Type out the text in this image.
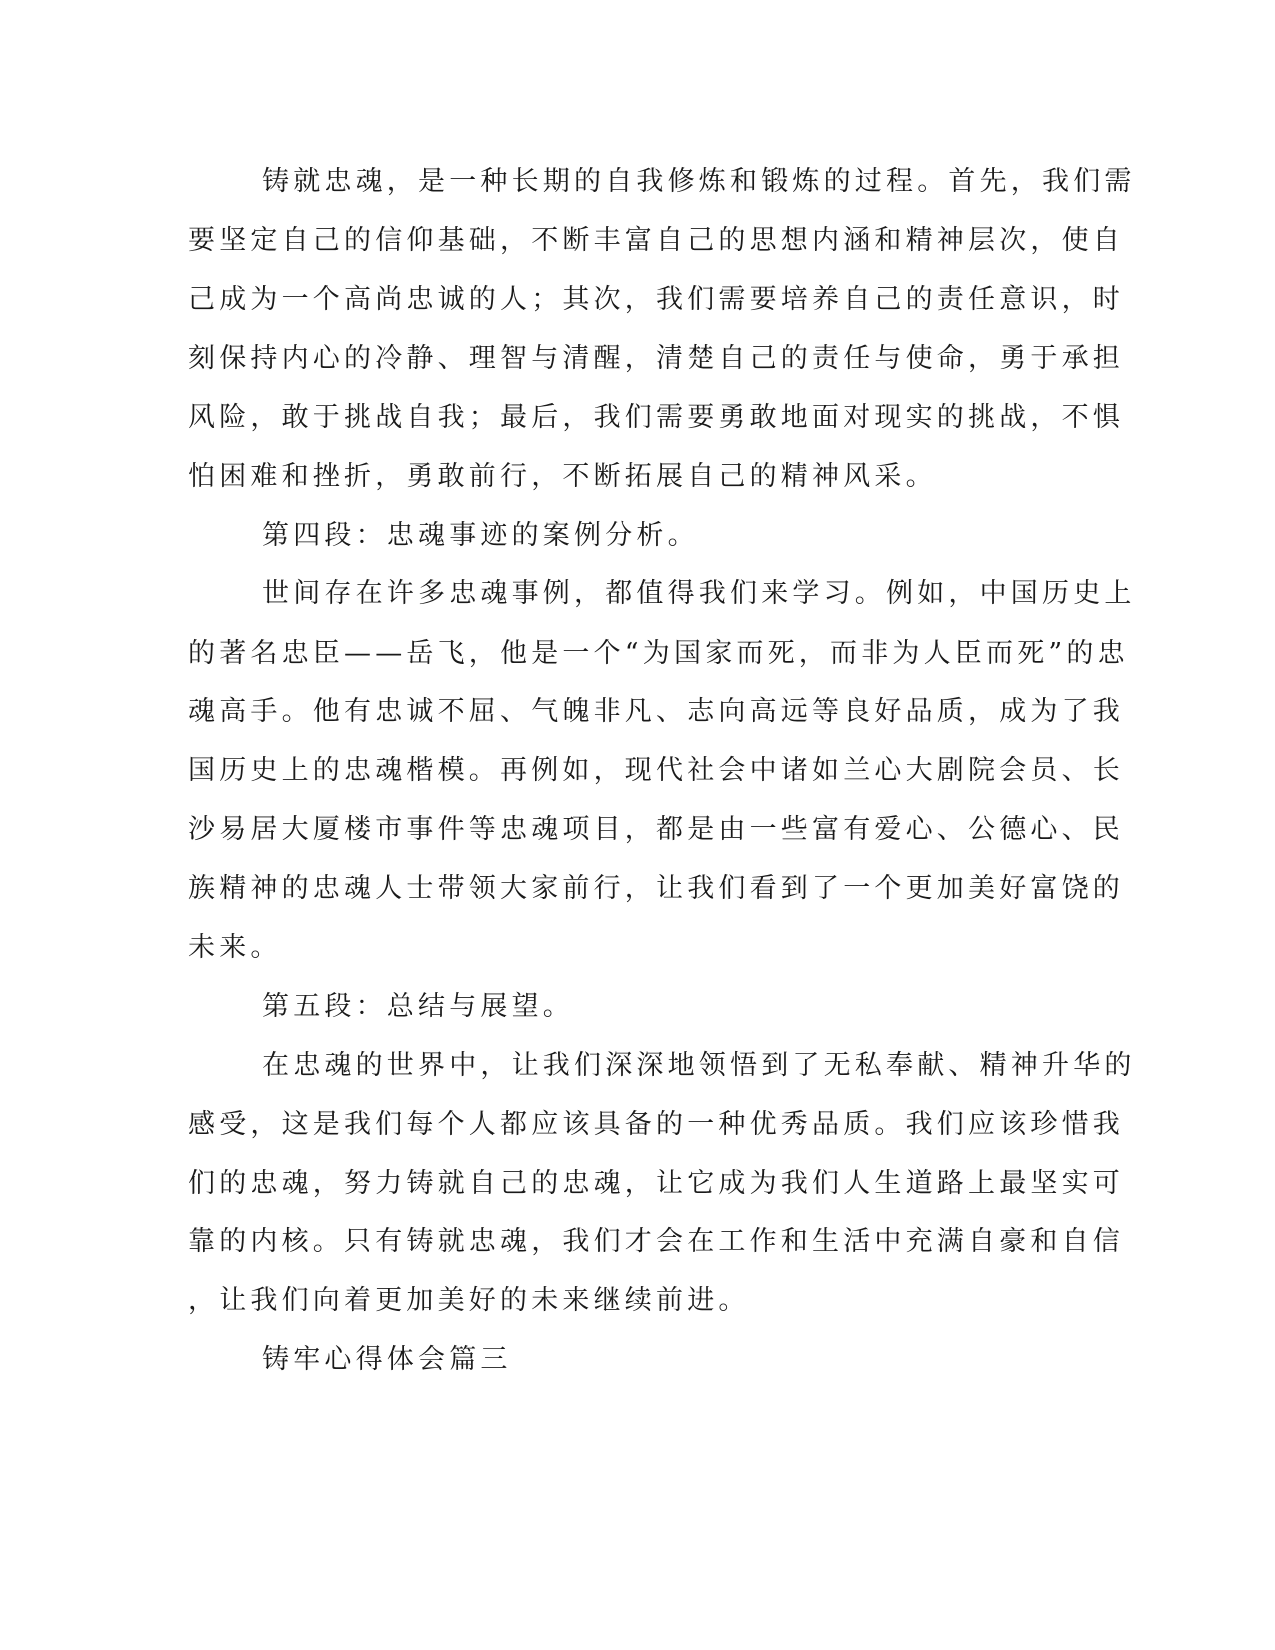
铸就忠魂，是一种长期的自我修炼和锻炼的过程。首先，我们需
要坚定自己的信仰基础，不断丰富自己的思想内涵和精神层次，使自
己成为一个高尚忠诚的人；其次，我们需要培养自己的责任意识，时
刻保持内心的冷静、理智与清醒，清楚自己的责任与使命，勇于承担
风险，敢于挑战自我；最后，我们需要勇敢地面对现实的挑战，不惧
怕困难和挫折，勇敢前行，不断拓展自己的精神风采。
第四段：忠魂事迹的案例分析。
世间存在许多忠魂事例，都值得我们来学习。例如，中国历史上
的著名忠臣——岳飞，他是一个“为国家而死，而非为人臣而死”的忠
魂高手。他有忠诚不屈、气魄非凡、志向高远等良好品质，成为了我
国历史上的忠魂楷模。再例如，现代社会中诸如兰心大剧院会员、长
沙易居大厦楼市事件等忠魂项目，都是由一些富有爱心、公德心、民
族精神的忠魂人士带领大家前行，让我们看到了一个更加美好富饶的
未来。
第五段：总结与展望。
在忠魂的世界中，让我们深深地领悟到了无私奉献、精神升华的
感受，这是我们每个人都应该具备的一种优秀品质。我们应该珍惜我
们的忠魂，努力铸就自己的忠魂，让它成为我们人生道路上最坚实可
靠的内核。只有铸就忠魂，我们才会在工作和生活中充满自豪和自信
，让我们向着更加美好的未来继续前进。
铸牢心得体会篇三
